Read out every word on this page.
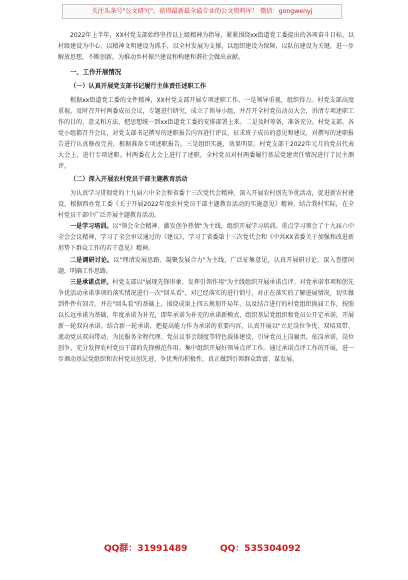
关注头条号"公文研究"，获得最新最全最专业的公文资料库！ 微信：gongwenyj

2022年上半年，XX村党支部始终坚持以上级精神为指导，紧紧围绕xx街道党工委提出的各项奋斗目标，以村级建设为中心，以精神文明建设为抓手，以全村发展为支撑，以组织建设为保障，以队伍建设为关键，进一步解放思想，不断创新，为推动乡村振兴建设和构建和谐社会做出贡献。

一、工作开展情况
（一）认真开展党支部书记履行主体责任述职工作

根据xx街道党工委的文件精神，XX村党支部开展专项述职工作。一是领导重视，组织得力。村党支部高度重视，及时召开村两委成员会议，专题进行研究，成立了领导小组，并召开全村党员动员大会，讲清专项述职工作的目的、意义和方法，把思想统一到xx街道党工委的安排部署上来。二是及时筹备，准备充分。村党支部、各党小组都召开会议，对党支部书记撰写的述职报告内容进行评议，征求班子成员的意见和建议，对撰写的述职报告进行认真修改完善，根据准备专项述职报告。三是组织实施，效果明显。村党支部于2022年元月的党员代表大会上，进行专项述职。村两委在大会上进行了述职，全村党员对村两委履行基层党建责任情况进行了民主测评。

（二）深入开展农村党员干部主题教育活动

为认真学习贯彻党的十九届六中全会和省委十三次党代会精神，深入开展农村创先争优活动，促进新农村建设，根据西办党工委《关于开展2022年度农村党员干部主题教育活动的实施意见》精神，结合我村实际，在全村党员干部中广泛开展主题教育活动。

一是学习培训。以"领会全会精神、激发创争热情"为主线，组织开展学习培训。重点学习领会了十九届六中全会会议精神，学习了全会审议通过的《建议》，学习了省委第十三次党代会和《中共XX省委关于加强和改进新形势下群众工作的若干意见》精神。

二是调研讨论。以"理清发展思路、凝聚发展合力"为主线，广泛征集意见，认真开展研讨论，深入查摆问题，明确工作思路。

三是承诺点评。村党支部以"展现先锋形象、发挥引领作用"为主线组织开展承诺点评。对党承诺事项和创先争优活动承诺事项的落实情况进行一次"回头看"，对已经落实的进行销号，对正在落实的了解进展情况，切实做到件件有回音。并在"回头看"的基础上，围绕成果上四五规划开局年，以及结合进行的村党组织换届工作，按照以长远承诺为基础，年度承诺为补充，即年承诺为补充的承诺新模式，组织基层党组织和党员公开定承诺，开展新一轮双向承诺。结合新一轮承诺，把提高能力作为承诺的重要内容，认真开展以"立足岗位争优、双培双带、流动党员双向带动、为民服务全程代理、党员议事会制度等特色载体建设，引导党员上岗履责，依岗承诺，岗位创争，充分发挥农村党员干部的先锋模范作用。集中组织开展好领导点评工作。通过承诺点评工作的开展，进一步调动基层党组织和农村党员创先进、争优秀的积极性，真正做到引领群众致富、谋发展。

QQ群：31991489	QQ：535304092
